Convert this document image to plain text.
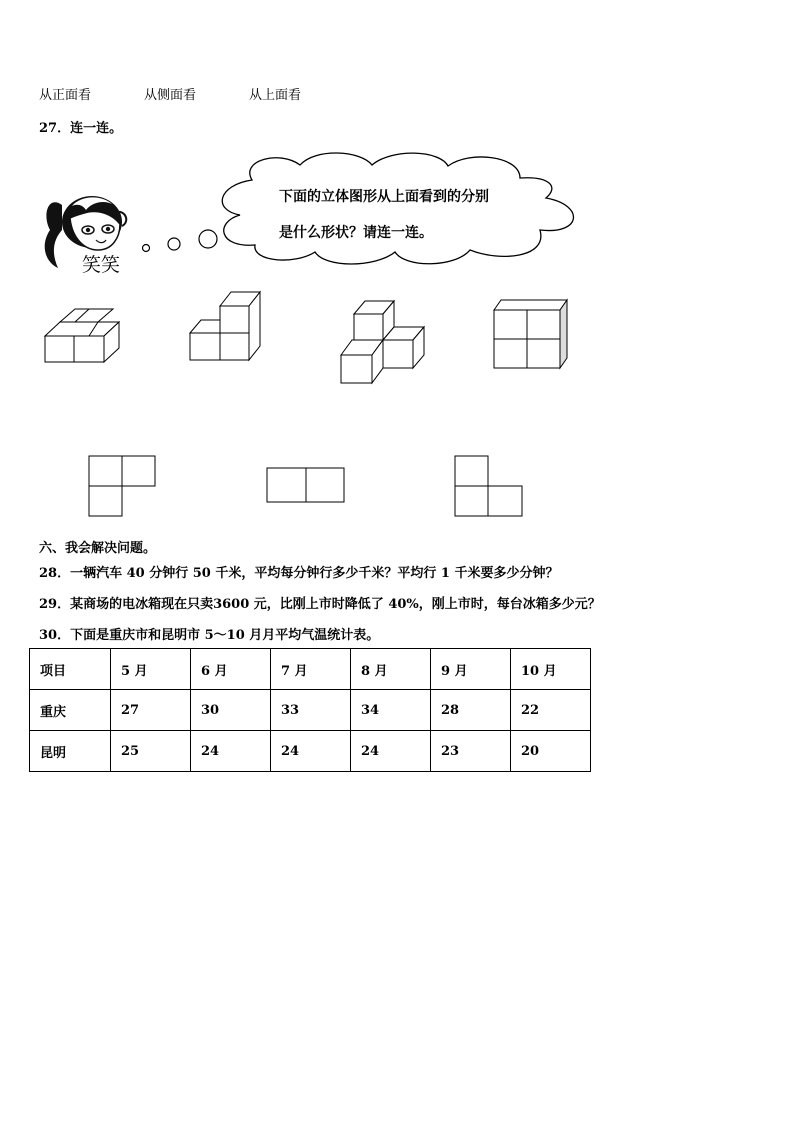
从正面看	从侧面看	从上面看
27．连一连。
笑笑
下面的立体图形从上面看到的分别
是什么形状？请连一连。
六、我会解决问题。
28．一辆汽车 40 分钟行 50 千米，平均每分钟行多少千米？平均行 1 千米要多少分钟？
29．某商场的电冰箱现在只卖3600 元，比刚上市时降低了 40%，刚上市时，每台冰箱多少元？
30．下面是重庆市和昆明市 5～10 月月平均气温统计表。
项目	5 月	6 月	7 月	8 月	9 月	10 月
重庆	27	30	33	34	28	22
昆明	25	24	24	24	23	20
